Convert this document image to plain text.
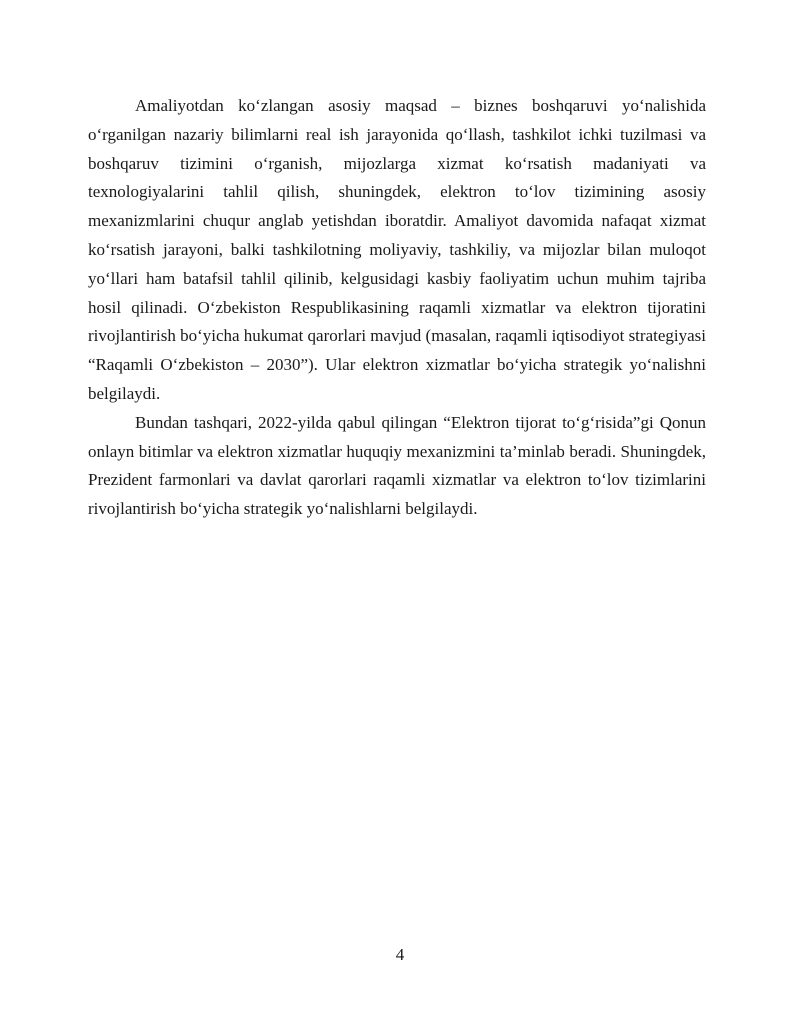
Amaliyotdan ko‘zlangan asosiy maqsad – biznes boshqaruvi yo‘nalishida o‘rganilgan nazariy bilimlarni real ish jarayonida qo‘llash, tashkilot ichki tuzilmasi va boshqaruv tizimini o‘rganish, mijozlarga xizmat ko‘rsatish madaniyati va texnologiyalarini tahlil qilish, shuningdek, elektron to‘lov tizimining asosiy mexanizmlarini chuqur anglab yetishdan iboratdir. Amaliyot davomida nafaqat xizmat ko‘rsatish jarayoni, balki tashkilotning moliyaviy, tashkiliy, va mijozlar bilan muloqot yo‘llari ham batafsil tahlil qilinib, kelgusidagi kasbiy faoliyatim uchun muhim tajriba hosil qilinadi. O‘zbekiston Respublikasining raqamli xizmatlar va elektron tijoratini rivojlantirish bo‘yicha hukumat qarorlari mavjud (masalan, raqamli iqtisodiyot strategiyasi “Raqamli O‘zbekiston – 2030”). Ular elektron xizmatlar bo‘yicha strategik yo‘nalishni belgilaydi.

Bundan tashqari, 2022-yilda qabul qilingan “Elektron tijorat to‘g‘risida”gi Qonun onlayn bitimlar va elektron xizmatlar huquqiy mexanizmini ta’minlab beradi. Shuningdek, Prezident farmonlari va davlat qarorlari raqamli xizmatlar va elektron to‘lov tizimlarini rivojlantirish bo‘yicha strategik yo‘nalishlarni belgilaydi.

4
